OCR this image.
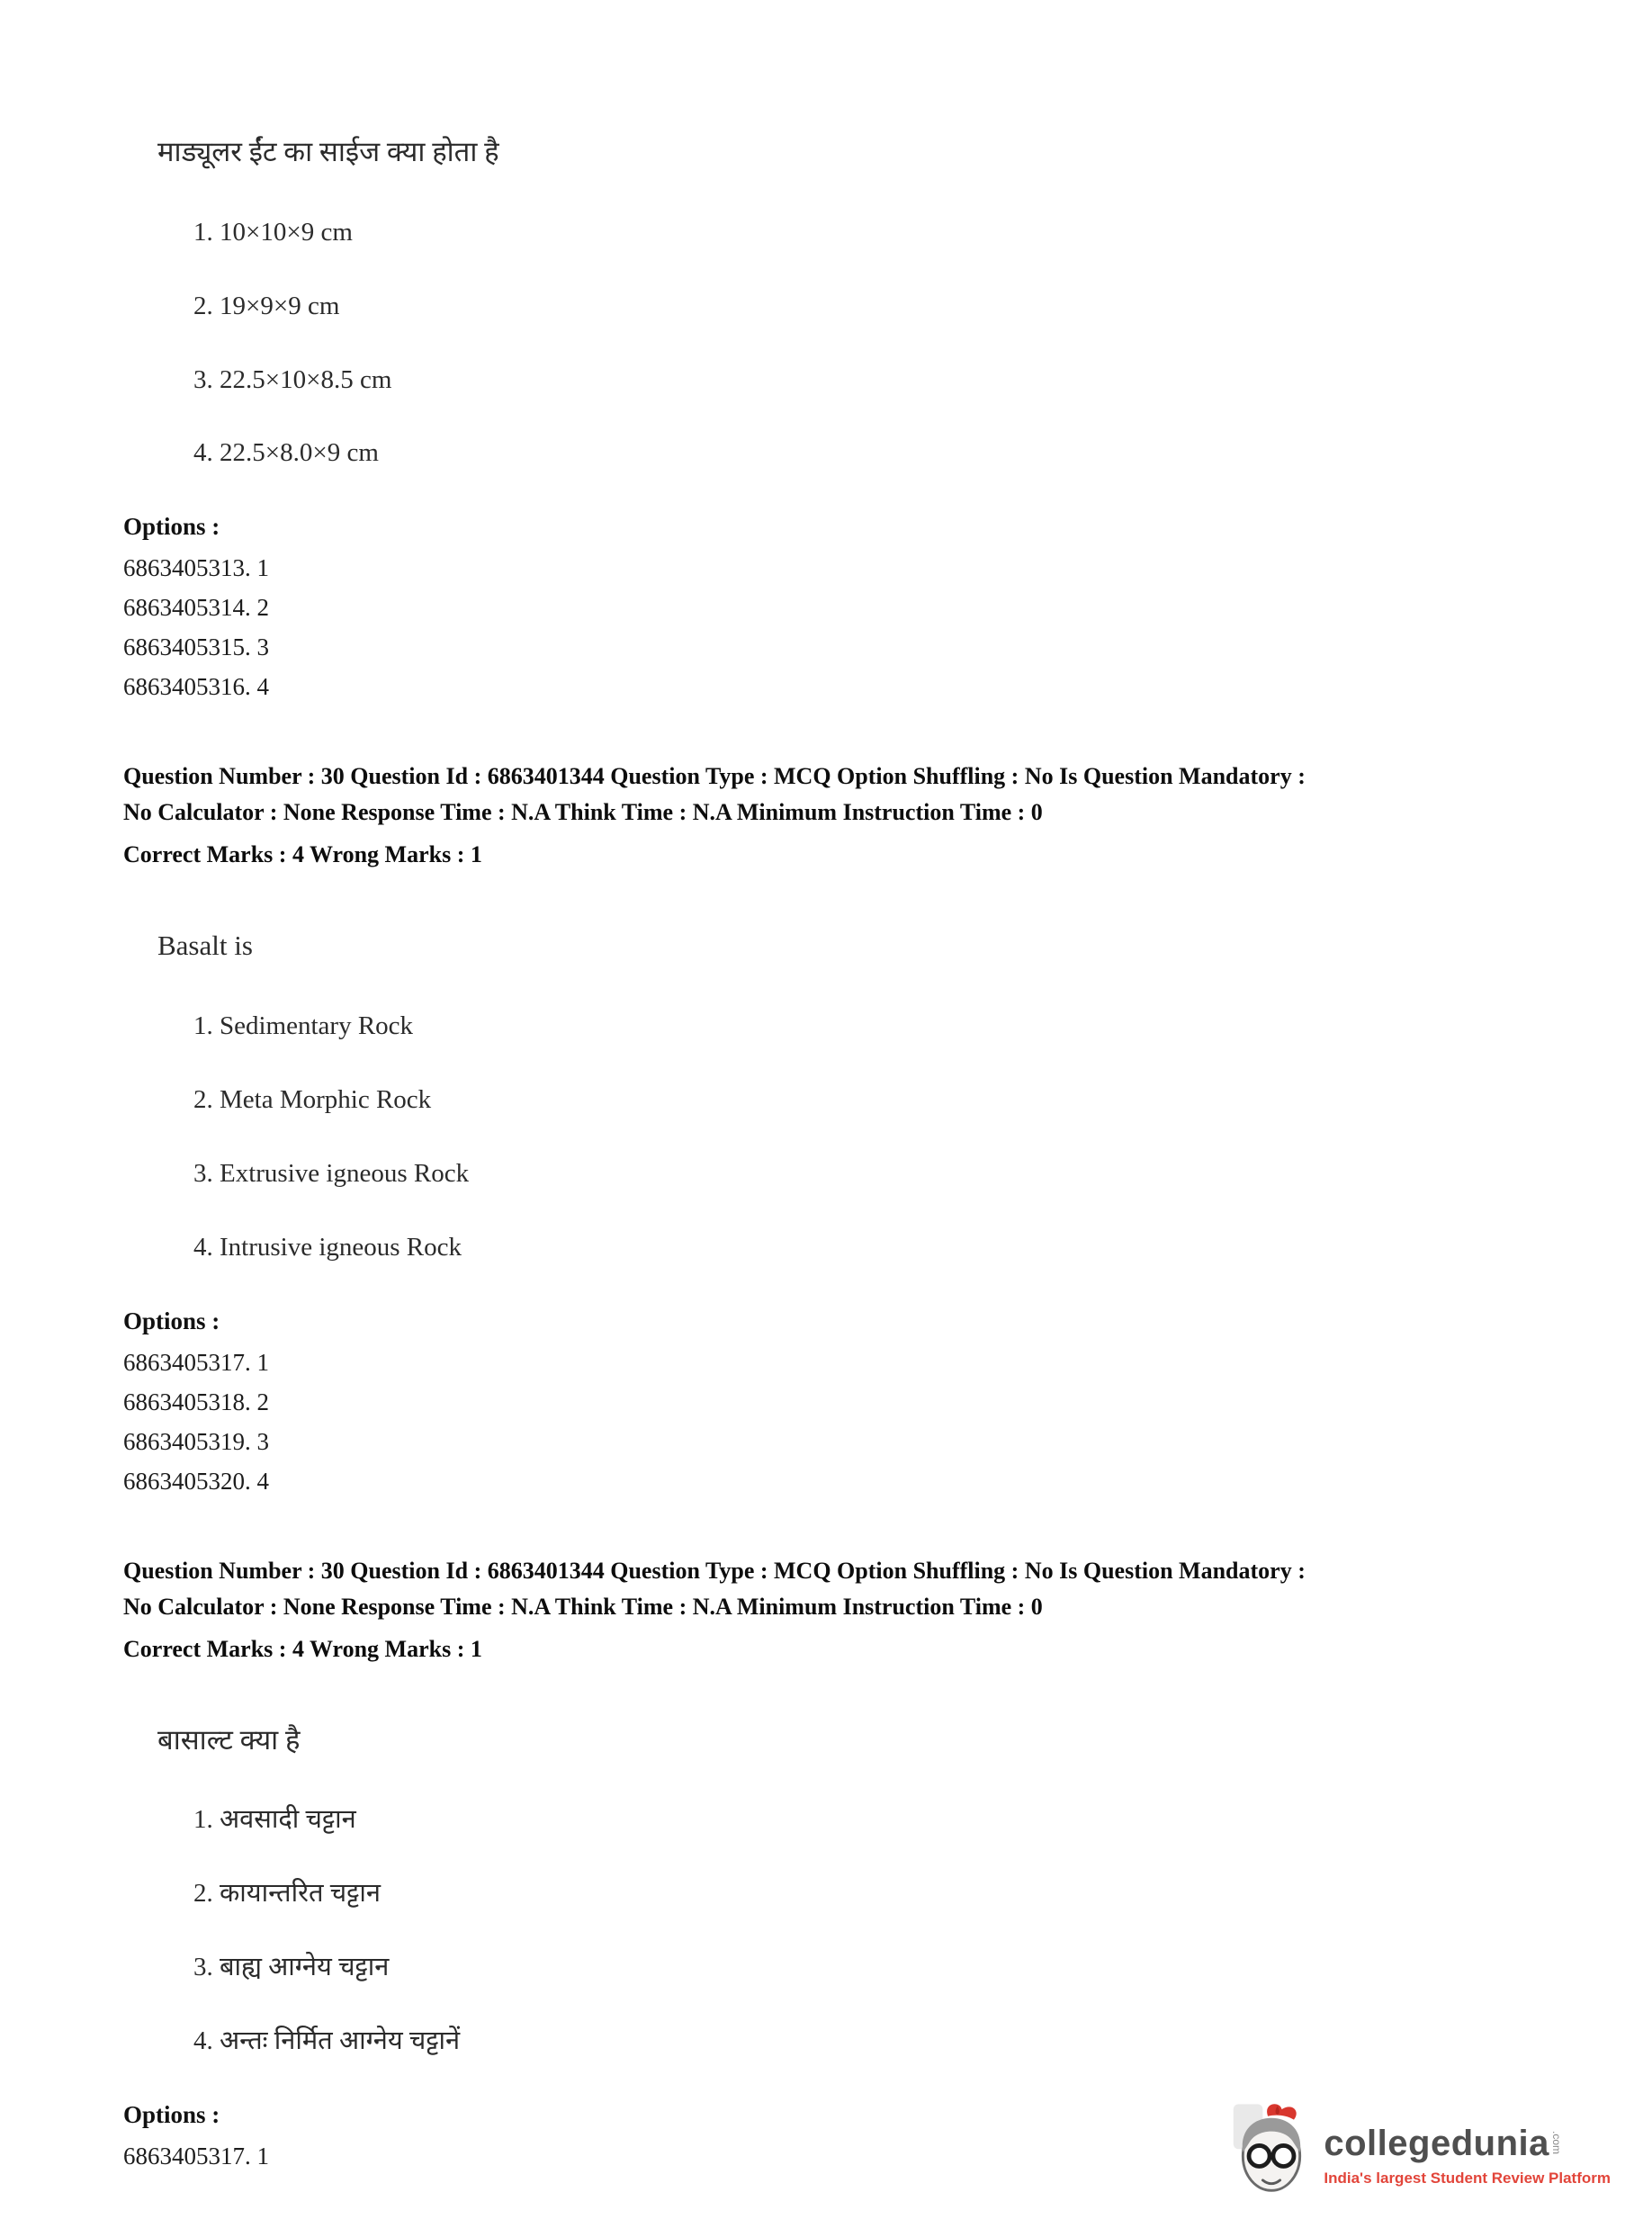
माड्यूलर ईंट का साईज क्या होता है
1. 10×10×9 cm
2. 19×9×9 cm
3. 22.5×10×8.5 cm
4. 22.5×8.0×9 cm
Options :
6863405313. 1
6863405314. 2
6863405315. 3
6863405316. 4
Question Number : 30 Question Id : 6863401344 Question Type : MCQ Option Shuffling : No Is Question Mandatory :
No Calculator : None Response Time : N.A Think Time : N.A Minimum Instruction Time : 0
Correct Marks : 4 Wrong Marks : 1
Basalt is
1. Sedimentary Rock
2. Meta Morphic Rock
3. Extrusive igneous Rock
4. Intrusive igneous Rock
Options :
6863405317. 1
6863405318. 2
6863405319. 3
6863405320. 4
Question Number : 30 Question Id : 6863401344 Question Type : MCQ Option Shuffling : No Is Question Mandatory :
No Calculator : None Response Time : N.A Think Time : N.A Minimum Instruction Time : 0
Correct Marks : 4 Wrong Marks : 1
बासाल्ट क्या है
1. अवसादी चट्टान
2. कायान्तरित चट्टान
3. बाह्य आग्नेय चट्टान
4. अन्तः निर्मित आग्नेय चट्टानें
Options :
6863405317. 1	collegedunia .com
India's largest Student Review Platform
